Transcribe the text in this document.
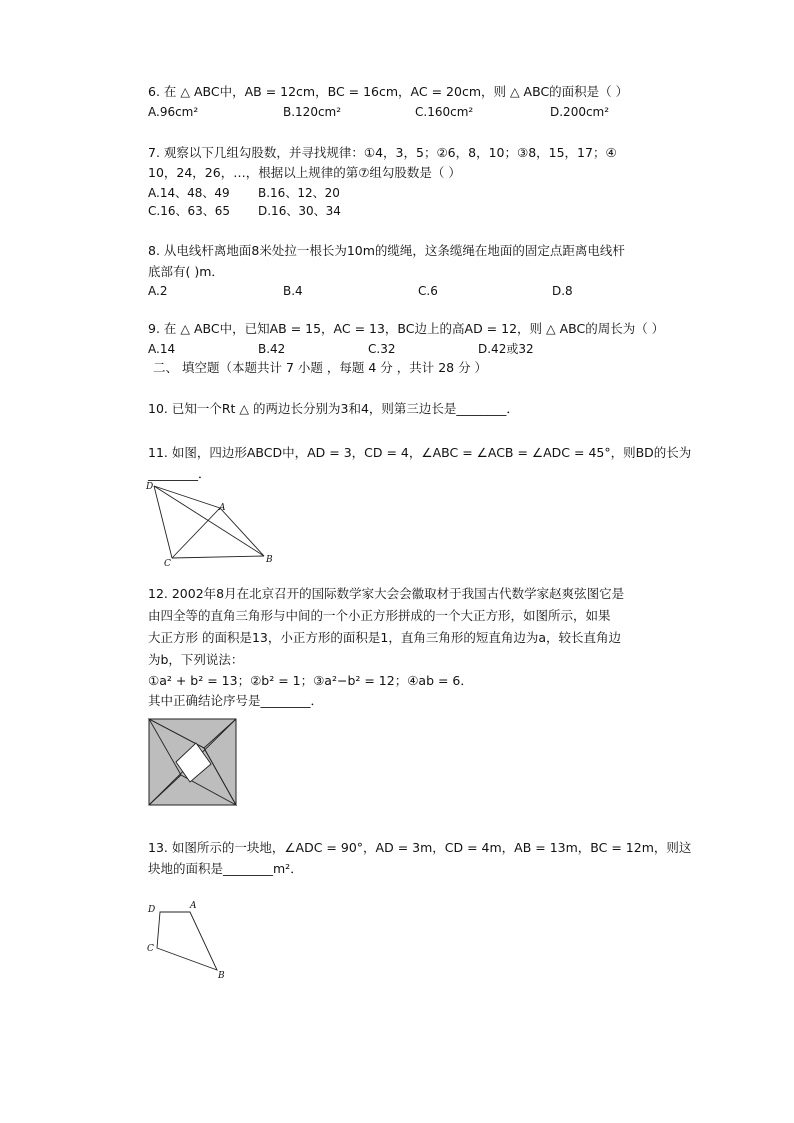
6. 在 △ ABC中，AB = 12cm，BC = 16cm，AC = 20cm，则 △ ABC的面积是（ ）
A.96cm²	B.120cm²	C.160cm²	D.200cm²
7. 观察以下几组勾股数，并寻找规律：①4，3，5；②6，8，10；③8，15，17；④
10，24，26，…，根据以上规律的第⑦组勾股数是（ ）
A.14、48、49 B.16、12、20
C.16、63、65 D.16、30、34
8. 从电线杆离地面8米处拉一根长为10m的缆绳，这条缆绳在地面的固定点距离电线杆
底部有( )m．
A.2	B.4	C.6	D.8
9. 在 △ ABC中，已知AB = 15，AC = 13，BC边上的高AD = 12，则 △ ABC的周长为（ ）
A.14	B.42	C.32	D.42或32
二、 填空题（本题共计 7 小题 ，每题 4 分 ，共计 28 分 ）
10. 已知一个Rt △ 的两边长分别为3和4，则第三边长是________．
11. 如图，四边形ABCD中，AD = 3，CD = 4，∠ABC = ∠ACB = ∠ADC = 45°，则BD的长为
________．
D
A
C	B
12. 2002年8月在北京召开的国际数学家大会会徽取材于我国古代数学家赵爽弦图它是
由四全等的直角三角形与中间的一个小正方形拼成的一个大正方形，如图所示，如果
大正方形 的面积是13，小正方形的面积是1，直角三角形的短直角边为a，较长直角边
为b，下列说法：
①a² + b² = 13；②b² = 1；③a²−b² = 12；④ab = 6．
其中正确结论序号是________．
13. 如图所示的一块地，∠ADC = 90°，AD = 3m，CD = 4m，AB = 13m，BC = 12m，则这
块地的面积是________m²．
D	A
C
B
